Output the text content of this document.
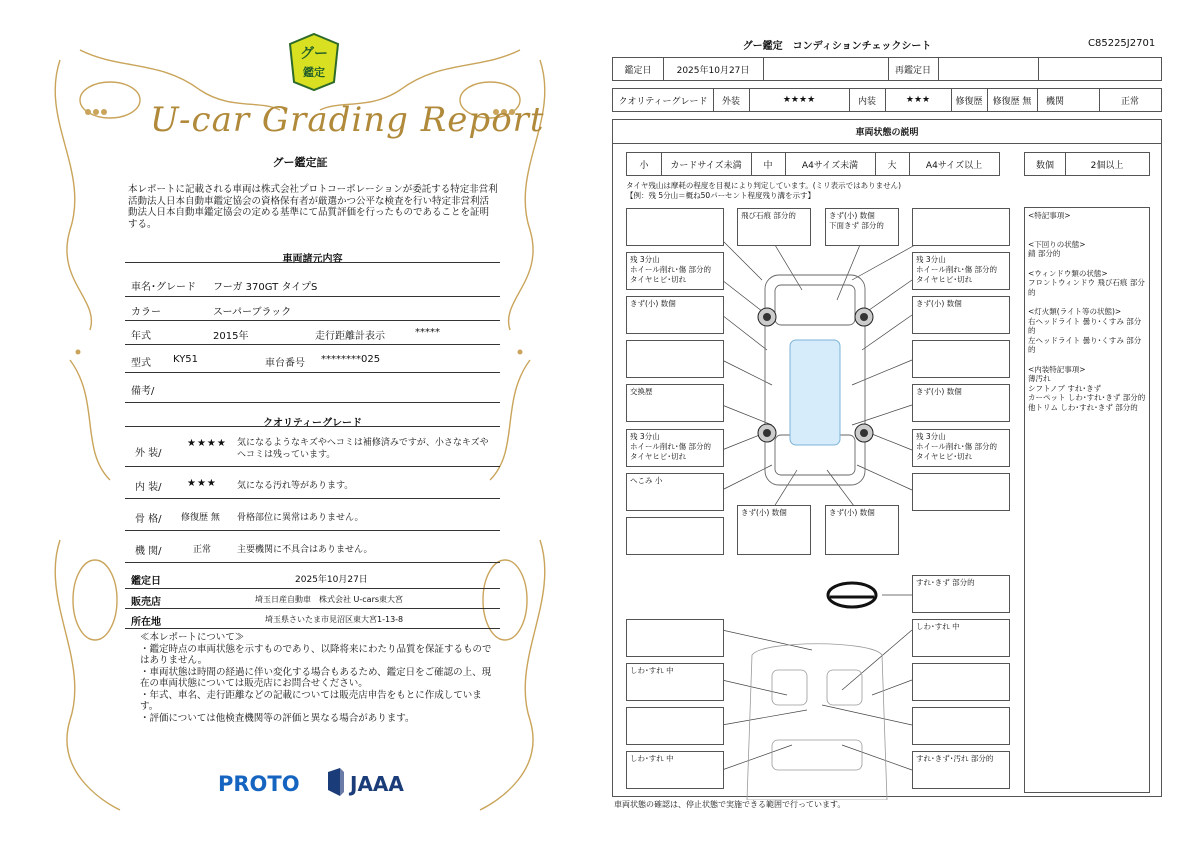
グー
鑑定
U-car Grading Report
グー鑑定証
本レポートに記載される車両は株式会社プロトコーポレーションが委託する特定非営利活動法人日本自動車鑑定協会の資格保有者が厳選かつ公平な検査を行い特定非営利活動法人日本自動車鑑定協会の定める基準にて品質評価を行ったものであることを証明する。
車両諸元内容
車名･グレード フーガ 370GT タイプS
カラー	スーパーブラック
年式	2015年	走行距離計表示	*****
型式 KY51	車台番号 ********025
備考/
クオリティーグレード
外 装/
★★★★ 気になるようなキズやヘコミは補修済みですが、小さなキズやヘコミは残っています。
内 装/	★★★ 気になる汚れ等があります。
骨 格/ 修復歴 無 骨格部位に異常はありません。
機 関/	正常	主要機関に不具合はありません。
鑑定日	2025年10月27日
販売店	埼玉日産自動車　株式会社 U-cars東大宮
所在地	埼玉県さいたま市見沼区東大宮1-13-8
≪本レポートについて≫
・鑑定時点の車両状態を示すものであり、以降将来にわたり品質を保証するものではありません。
・車両状態は時間の経過に伴い変化する場合もあるため、鑑定日をご確認の上、現在の車両状態については販売店にお問合せください。
・年式、車名、走行距離などの記載については販売店申告をもとに作成しています。
・評価については他検査機関等の評価と異なる場合があります。
PROTO	JAAA
グー鑑定　コンディションチェックシート	C85225J2701
鑑定日	2025年10月27日	再鑑定日
クオリティーグレード	外装	★★★★	内装	★★★	修復歴	修復歴 無	機関	正常
車両状態の説明
小	カードサイズ未満	中	A4サイズ未満	大	A4サイズ以上	数個	2個以上
タイヤ残山は摩耗の程度を目視により判定しています。(ミリ表示ではありません)
【例：残 5分山＝概ね50パーセント程度残り溝を示す】
飛び石痕 部分的	きず(小) 数個
下面きず 部分的
残 3分山
ホイール削れ･傷 部分的
タイヤヒビ･切れ
残 3分山
ホイール削れ･傷 部分的
タイヤヒビ･切れ
きず(小) 数個	きず(小) 数個
交換歴	きず(小) 数個
残 3分山
ホイール削れ･傷 部分的
タイヤヒビ･切れ
残 3分山
ホイール削れ･傷 部分的
タイヤヒビ･切れ
へこみ 小
きず(小) 数個	きず(小) 数個
すれ･きず 部分的
しわ･すれ 中
しわ･すれ 中
しわ･すれ 中	すれ･きず･汚れ 部分的
<特記事項>

<下回りの状態>
錆 部分的

<ウィンドウ類の状態>
フロントウィンドウ 飛び石痕 部分的

<灯火類(ライト等の状態)>
右ヘッドライト 曇り･くすみ 部分的
左ヘッドライト 曇り･くすみ 部分的

<内装特記事項>
薄汚れ
シフトノブ すれ･きず
カーペット しわ･すれ･きず 部分的
他トリム しわ･すれ･きず 部分的
車両状態の確認は、停止状態で実施できる範囲で行っています。
